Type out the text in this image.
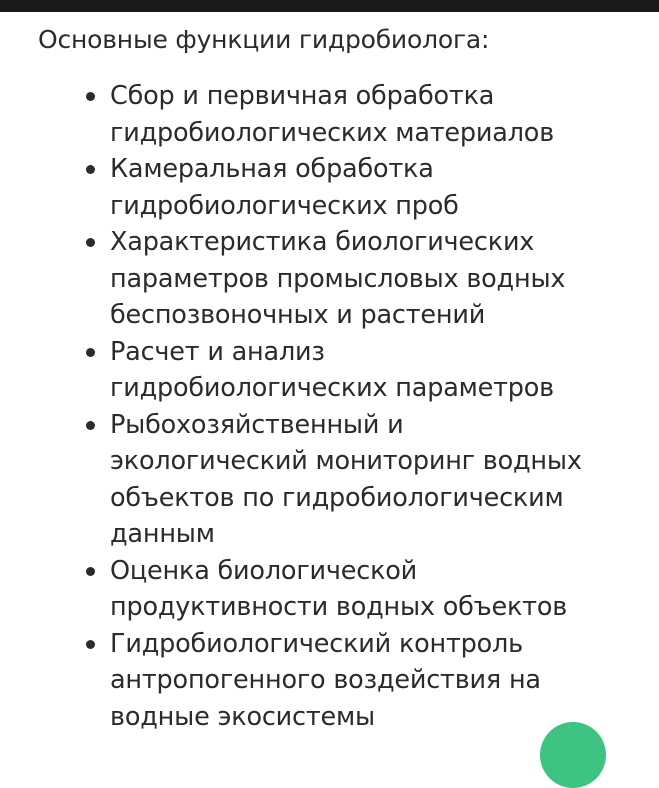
Основные функции гидробиолога:

Сбор и первичная обработка
гидробиологических материалов
Камеральная обработка
гидробиологических проб
Характеристика биологических
параметров промысловых водных
беспозвоночных и растений
Расчет и анализ
гидробиологических параметров
Рыбохозяйственный и
экологический мониторинг водных
объектов по гидробиологическим
данным
Оценка биологической
продуктивности водных объектов
Гидробиологический контроль
антропогенного воздействия на
водные экосистемы
